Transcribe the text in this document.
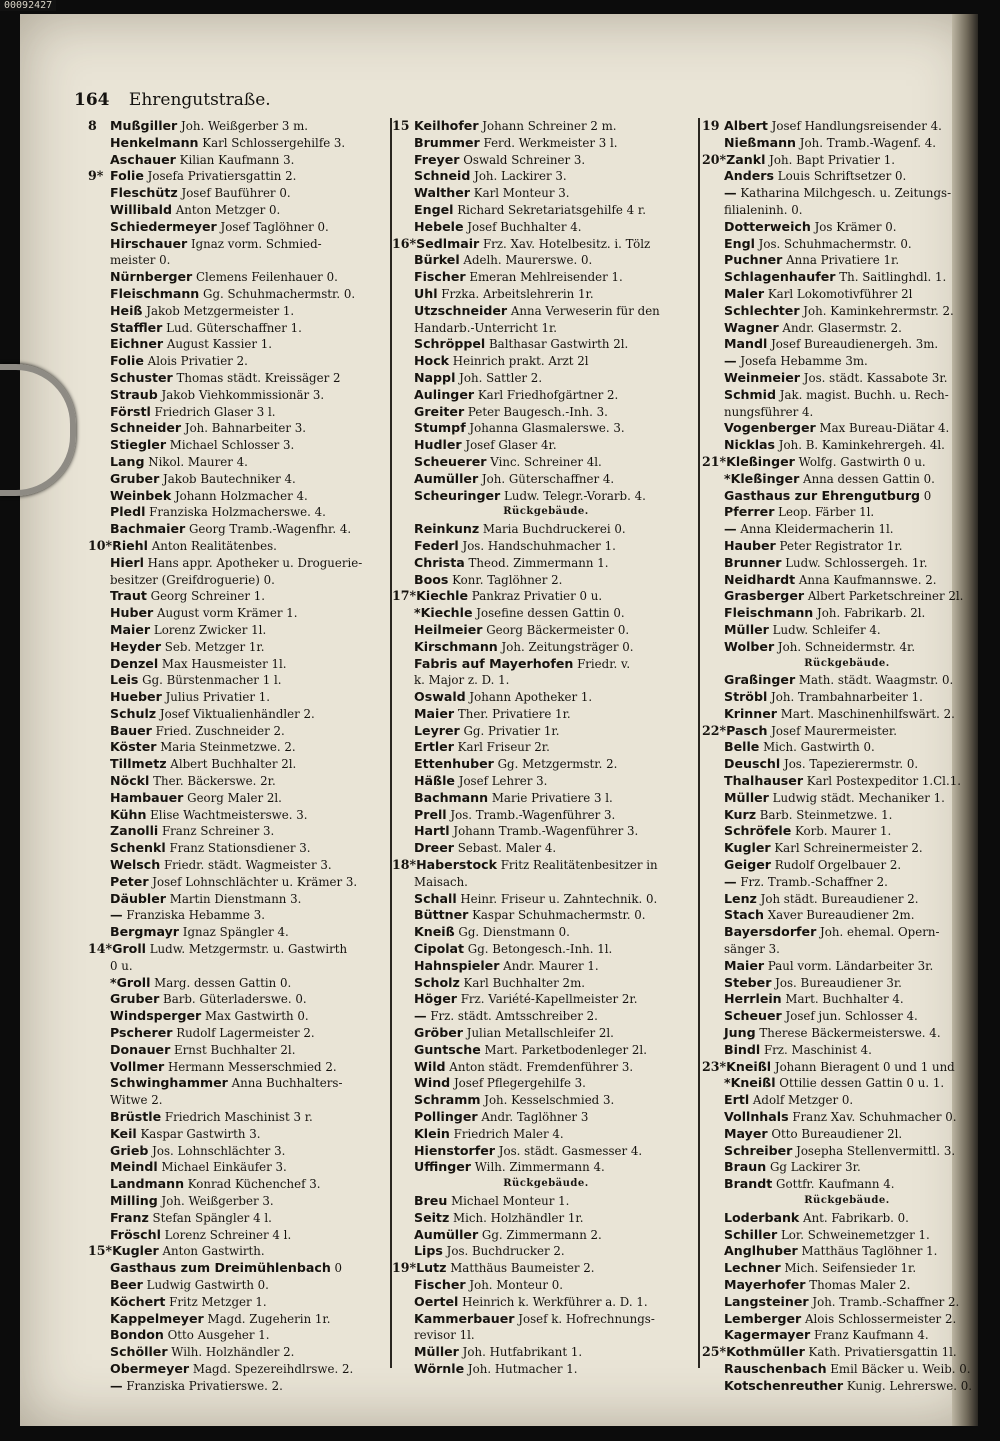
164 Ehrengutstraße.
8 Mußgiller Joh. Weißgerber 3 m.
Henkelmann Karl Schlossergehilfe 3.
Aschauer Kilian Kaufmann 3.
9* Folie Josefa Privatiersgattin 2.
Fleschütz Josef Bauführer 0.
Willibald Anton Metzger 0.
Schiedermeyer Josef Taglöhner 0.
Hirschauer Ignaz vorm. Schmied-
meister 0.
Nürnberger Clemens Feilenhauer 0.
Fleischmann Gg. Schuhmachermstr. 0.
Heiß Jakob Metzgermeister 1.
Staffler Lud. Güterschaffner 1.
Eichner August Kassier 1.
Folie Alois Privatier 2.
Schuster Thomas städt. Kreissäger 2
Straub Jakob Viehkommissionär 3.
Förstl Friedrich Glaser 3 l.
Schneider Joh. Bahnarbeiter 3.
Stiegler Michael Schlosser 3.
Lang Nikol. Maurer 4.
Gruber Jakob Bautechniker 4.
Weinbek Johann Holzmacher 4.
Pledl Franziska Holzmacherswe. 4.
Bachmaier Georg Tramb.-Wagenfhr. 4.
10*Riehl Anton Realitätenbes.
Hierl Hans appr. Apotheker u. Droguerie-
besitzer (Greifdroguerie) 0.
Traut Georg Schreiner 1.
Huber August vorm Krämer 1.
Maier Lorenz Zwicker 1l.
Heyder Seb. Metzger 1r.
Denzel Max Hausmeister 1l.
Leis Gg. Bürstenmacher 1 l.
Hueber Julius Privatier 1.
Schulz Josef Viktualienhändler 2.
Bauer Fried. Zuschneider 2.
Köster Maria Steinmetzwe. 2.
Tillmetz Albert Buchhalter 2l.
Nöckl Ther. Bäckerswe. 2r.
Hambauer Georg Maler 2l.
Kühn Elise Wachtmeisterswe. 3.
Zanolli Franz Schreiner 3.
Schenkl Franz Stationsdiener 3.
Welsch Friedr. städt. Wagmeister 3.
Peter Josef Lohnschlächter u. Krämer 3.
Däubler Martin Dienstmann 3.
— Franziska Hebamme 3.
Bergmayr Ignaz Spängler 4.
14*Groll Ludw. Metzgermstr. u. Gastwirth
0 u.
*Groll Marg. dessen Gattin 0.
Gruber Barb. Güterladerswe. 0.
Windsperger Max Gastwirth 0.
Pscherer Rudolf Lagermeister 2.
Donauer Ernst Buchhalter 2l.
Vollmer Hermann Messerschmied 2.
Schwinghammer Anna Buchhalters-
Witwe 2.
Brüstle Friedrich Maschinist 3 r.
Keil Kaspar Gastwirth 3.
Grieb Jos. Lohnschlächter 3.
Meindl Michael Einkäufer 3.
Landmann Konrad Küchenchef 3.
Milling Joh. Weißgerber 3.
Franz Stefan Spängler 4 l.
Fröschl Lorenz Schreiner 4 l.
15*Kugler Anton Gastwirth.
Gasthaus zum Dreimühlenbach 0
Beer Ludwig Gastwirth 0.
Köchert Fritz Metzger 1.
Kappelmeyer Magd. Zugeherin 1r.
Bondon Otto Ausgeher 1.
Schöller Wilh. Holzhändler 2.
Obermeyer Magd. Spezereihdlrswe. 2.
— Franziska Privatierswe. 2.
15 Keilhofer Johann Schreiner 2 m.
Brummer Ferd. Werkmeister 3 l.
Freyer Oswald Schreiner 3.
Schneid Joh. Lackirer 3.
Walther Karl Monteur 3.
Engel Richard Sekretariatsgehilfe 4 r.
Hebele Josef Buchhalter 4.
16*Sedlmair Frz. Xav. Hotelbesitz. i. Tölz
Bürkel Adelh. Maurerswe. 0.
Fischer Emeran Mehlreisender 1.
Uhl Frzka. Arbeitslehrerin 1r.
Utzschneider Anna Verweserin für den
Handarb.-Unterricht 1r.
Schröppel Balthasar Gastwirth 2l.
Hock Heinrich prakt. Arzt 2l
Nappl Joh. Sattler 2.
Aulinger Karl Friedhofgärtner 2.
Greiter Peter Baugesch.-Inh. 3.
Stumpf Johanna Glasmalerswe. 3.
Hudler Josef Glaser 4r.
Scheuerer Vinc. Schreiner 4l.
Aumüller Joh. Güterschaffner 4.
Scheuringer Ludw. Telegr.-Vorarb. 4.
Rückgebäude.
Reinkunz Maria Buchdruckerei 0.
Federl Jos. Handschuhmacher 1.
Christa Theod. Zimmermann 1.
Boos Konr. Taglöhner 2.
17*Kiechle Pankraz Privatier 0 u.
*Kiechle Josefine dessen Gattin 0.
Heilmeier Georg Bäckermeister 0.
Kirschmann Joh. Zeitungsträger 0.
Fabris auf Mayerhofen Friedr. v.
k. Major z. D. 1.
Oswald Johann Apotheker 1.
Maier Ther. Privatiere 1r.
Leyrer Gg. Privatier 1r.
Ertler Karl Friseur 2r.
Ettenhuber Gg. Metzgermstr. 2.
Häßle Josef Lehrer 3.
Bachmann Marie Privatiere 3 l.
Prell Jos. Tramb.-Wagenführer 3.
Hartl Johann Tramb.-Wagenführer 3.
Dreer Sebast. Maler 4.
18*Haberstock Fritz Realitätenbesitzer in
Maisach.
Schall Heinr. Friseur u. Zahntechnik. 0.
Büttner Kaspar Schuhmachermstr. 0.
Kneiß Gg. Dienstmann 0.
Cipolat Gg. Betongesch.-Inh. 1l.
Hahnspieler Andr. Maurer 1.
Scholz Karl Buchhalter 2m.
Höger Frz. Variété-Kapellmeister 2r.
— Frz. städt. Amtsschreiber 2.
Gröber Julian Metallschleifer 2l.
Guntsche Mart. Parketbodenleger 2l.
Wild Anton städt. Fremdenführer 3.
Wind Josef Pflegergehilfe 3.
Schramm Joh. Kesselschmied 3.
Pollinger Andr. Taglöhner 3
Klein Friedrich Maler 4.
Hienstorfer Jos. städt. Gasmesser 4.
Uffinger Wilh. Zimmermann 4.
Rückgebäude.
Breu Michael Monteur 1.
Seitz Mich. Holzhändler 1r.
Aumüller Gg. Zimmermann 2.
Lips Jos. Buchdrucker 2.
19*Lutz Matthäus Baumeister 2.
Fischer Joh. Monteur 0.
Oertel Heinrich k. Werkführer a. D. 1.
Kammerbauer Josef k. Hofrechnungs-
revisor 1l.
Müller Joh. Hutfabrikant 1.
Wörnle Joh. Hutmacher 1.
19 Albert Josef Handlungsreisender 4.
Nießmann Joh. Tramb.-Wagenf. 4.
20*Zankl Joh. Bapt Privatier 1.
Anders Louis Schriftsetzer 0.
— Katharina Milchgesch. u. Zeitungs-
filialeninh. 0.
Dotterweich Jos Krämer 0.
Engl Jos. Schuhmachermstr. 0.
Puchner Anna Privatiere 1r.
Schlagenhaufer Th. Saitlinghdl. 1.
Maler Karl Lokomotivführer 2l
Schlechter Joh. Kaminkehrermstr. 2.
Wagner Andr. Glasermstr. 2.
Mandl Josef Bureaudienergeh. 3m.
— Josefa Hebamme 3m.
Weinmeier Jos. städt. Kassabote 3r.
Schmid Jak. magist. Buchh. u. Rech-
nungsführer 4.
Vogenberger Max Bureau-Diätar 4.
Nicklas Joh. B. Kaminkehrergeh. 4l.
21*Kleßinger Wolfg. Gastwirth 0 u.
*Kleßinger Anna dessen Gattin 0.
Gasthaus zur Ehrengutburg 0
Pferrer Leop. Färber 1l.
— Anna Kleidermacherin 1l.
Hauber Peter Registrator 1r.
Brunner Ludw. Schlossergeh. 1r.
Neidhardt Anna Kaufmannswe. 2.
Grasberger Albert Parketschreiner 2l.
Fleischmann Joh. Fabrikarb. 2l.
Müller Ludw. Schleifer 4.
Wolber Joh. Schneidermstr. 4r.
Rückgebäude.
Graßinger Math. städt. Waagmstr. 0.
Ströbl Joh. Trambahnarbeiter 1.
Krinner Mart. Maschinenhilfswärt. 2.
22*Pasch Josef Maurermeister.
Belle Mich. Gastwirth 0.
Deuschl Jos. Tapezierermstr. 0.
Thalhauser Karl Postexpeditor 1.Cl.1.
Müller Ludwig städt. Mechaniker 1.
Kurz Barb. Steinmetzwe. 1.
Schröfele Korb. Maurer 1.
Kugler Karl Schreinermeister 2.
Geiger Rudolf Orgelbauer 2.
— Frz. Tramb.-Schaffner 2.
Lenz Joh städt. Bureaudiener 2.
Stach Xaver Bureaudiener 2m.
Bayersdorfer Joh. ehemal. Opern-
sänger 3.
Maier Paul vorm. Ländarbeiter 3r.
Steber Jos. Bureaudiener 3r.
Herrlein Mart. Buchhalter 4.
Scheuer Josef jun. Schlosser 4.
Jung Therese Bäckermeisterswe. 4.
Bindl Frz. Maschinist 4.
23*Kneißl Johann Bieragent 0 und 1 und
*Kneißl Ottilie dessen Gattin 0 u. 1.
Ertl Adolf Metzger 0.
Vollnhals Franz Xav. Schuhmacher 0.
Mayer Otto Bureaudiener 2l.
Schreiber Josepha Stellenvermittl. 3.
Braun Gg Lackirer 3r.
Brandt Gottfr. Kaufmann 4.
Rückgebäude.
Loderbank Ant. Fabrikarb. 0.
Schiller Lor. Schweinemetzger 1.
Anglhuber Matthäus Taglöhner 1.
Lechner Mich. Seifensieder 1r.
Mayerhofer Thomas Maler 2.
Langsteiner Joh. Tramb.-Schaffner 2.
Lemberger Alois Schlossermeister 2.
Kagermayer Franz Kaufmann 4.
25*Kothmüller Kath. Privatiersgattin 1l.
Rauschenbach Emil Bäcker u. Weib. 0.
Kotschenreuther Kunig. Lehrerswe. 0.
00092427
